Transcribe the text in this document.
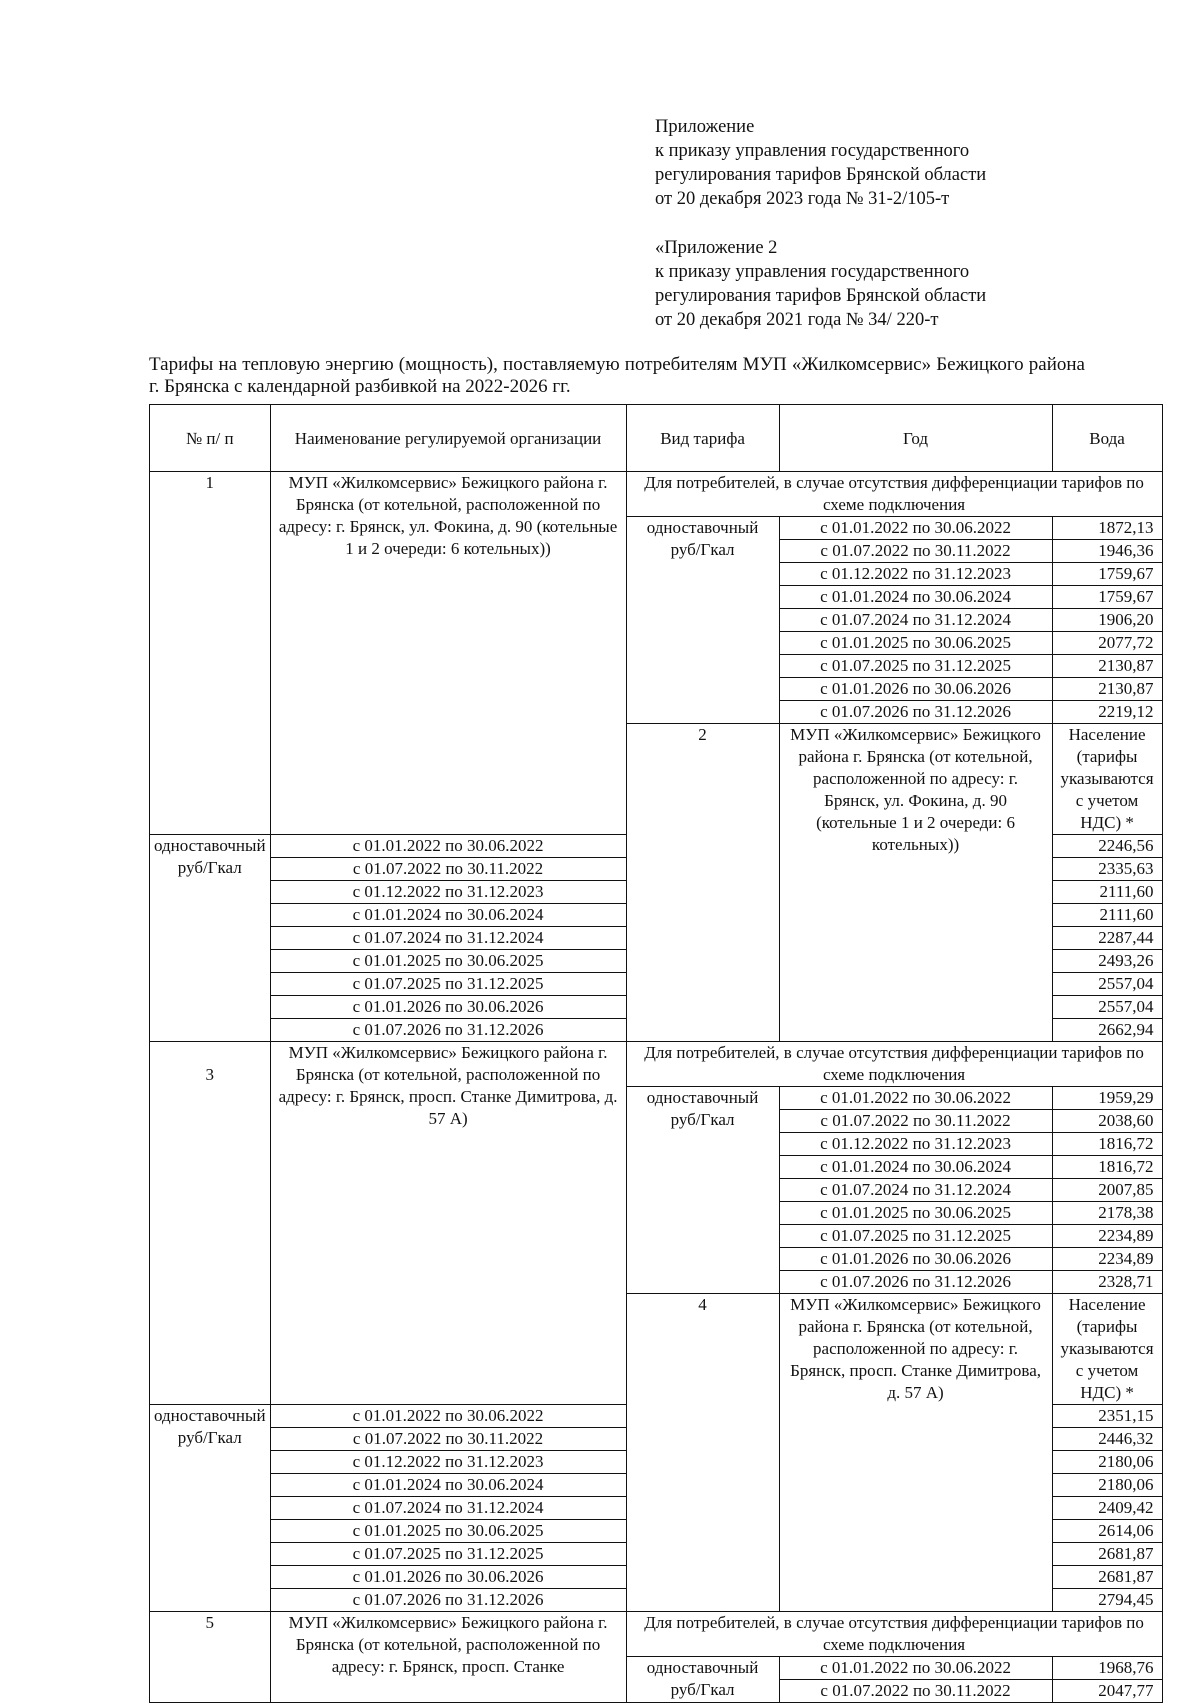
Приложение
к приказу управления государственного
регулирования тарифов Брянской области
от 20 декабря 2023 года № 31-2/105-т
«Приложение 2
к приказу управления государственного
регулирования тарифов Брянской области
от 20 декабря 2021 года № 34/ 220-т
Тарифы на тепловую энергию (мощность), поставляемую потребителям МУП «Жилкомсервис» Бежицкого района г. Брянска с календарной разбивкой на 2022-2026 гг.
№ п/ п	Наименование регулируемой организации	Вид тарифа	Год	Вода
1	МУП «Жилкомсервис» Бежицкого района г. Брянска (от котельной, расположенной по адресу: г. Брянск, ул. Фокина, д. 90 (котельные 1 и 2 очереди: 6 котельных))	Для потребителей, в случае отсутствия дифференциации тарифов по схеме подключения		
		одноставочный руб/Гкал	с 01.01.2022 по 30.06.2022	1872,13
			с 01.07.2022 по 30.11.2022	1946,36
			с 01.12.2022 по 31.12.2023	1759,67
			с 01.01.2024 по 30.06.2024	1759,67
			с 01.07.2024 по 31.12.2024	1906,20
			с 01.01.2025 по 30.06.2025	2077,72
			с 01.07.2025 по 31.12.2025	2130,87
			с 01.01.2026 по 30.06.2026	2130,87
			с 01.07.2026 по 31.12.2026	2219,12
		2	МУП «Жилкомсервис» Бежицкого района г. Брянска (от котельной, расположенной по адресу: г. Брянск, ул. Фокина, д. 90 (котельные 1 и 2 очереди: 6 котельных))	Население (тарифы указываются с учетом НДС) *
одноставочный руб/Гкал	с 01.01.2022 по 30.06.2022			2246,56
	с 01.07.2022 по 30.11.2022			2335,63
	с 01.12.2022 по 31.12.2023			2111,60
	с 01.01.2024 по 30.06.2024			2111,60
	с 01.07.2024 по 31.12.2024			2287,44
	с 01.01.2025 по 30.06.2025			2493,26
	с 01.07.2025 по 31.12.2025			2557,04
	с 01.01.2026 по 30.06.2026			2557,04
	с 01.07.2026 по 31.12.2026			2662,94
3	МУП «Жилкомсервис» Бежицкого района г. Брянска (от котельной, расположенной по адресу: г. Брянск, просп. Станке Димитрова, д. 57 А)	Для потребителей, в случае отсутствия дифференциации тарифов по схеме подключения		
		одноставочный руб/Гкал	с 01.01.2022 по 30.06.2022	1959,29
			с 01.07.2022 по 30.11.2022	2038,60
			с 01.12.2022 по 31.12.2023	1816,72
			с 01.01.2024 по 30.06.2024	1816,72
			с 01.07.2024 по 31.12.2024	2007,85
			с 01.01.2025 по 30.06.2025	2178,38
			с 01.07.2025 по 31.12.2025	2234,89
			с 01.01.2026 по 30.06.2026	2234,89
			с 01.07.2026 по 31.12.2026	2328,71
		4	МУП «Жилкомсервис» Бежицкого района г. Брянска (от котельной, расположенной по адресу: г. Брянск, просп. Станке Димитрова, д. 57 А)	Население (тарифы указываются с учетом НДС) *
одноставочный руб/Гкал	с 01.01.2022 по 30.06.2022			2351,15
	с 01.07.2022 по 30.11.2022			2446,32
	с 01.12.2022 по 31.12.2023			2180,06
	с 01.01.2024 по 30.06.2024			2180,06
	с 01.07.2024 по 31.12.2024			2409,42
	с 01.01.2025 по 30.06.2025			2614,06
	с 01.07.2025 по 31.12.2025			2681,87
	с 01.01.2026 по 30.06.2026			2681,87
	с 01.07.2026 по 31.12.2026			2794,45
5	МУП «Жилкомсервис» Бежицкого района г. Брянска (от котельной, расположенной по адресу: г. Брянск, просп. Станке	Для потребителей, в случае отсутствия дифференциации тарифов по схеме подключения		
		одноставочный руб/Гкал	с 01.01.2022 по 30.06.2022	1968,76
			с 01.07.2022 по 30.11.2022	2047,77
